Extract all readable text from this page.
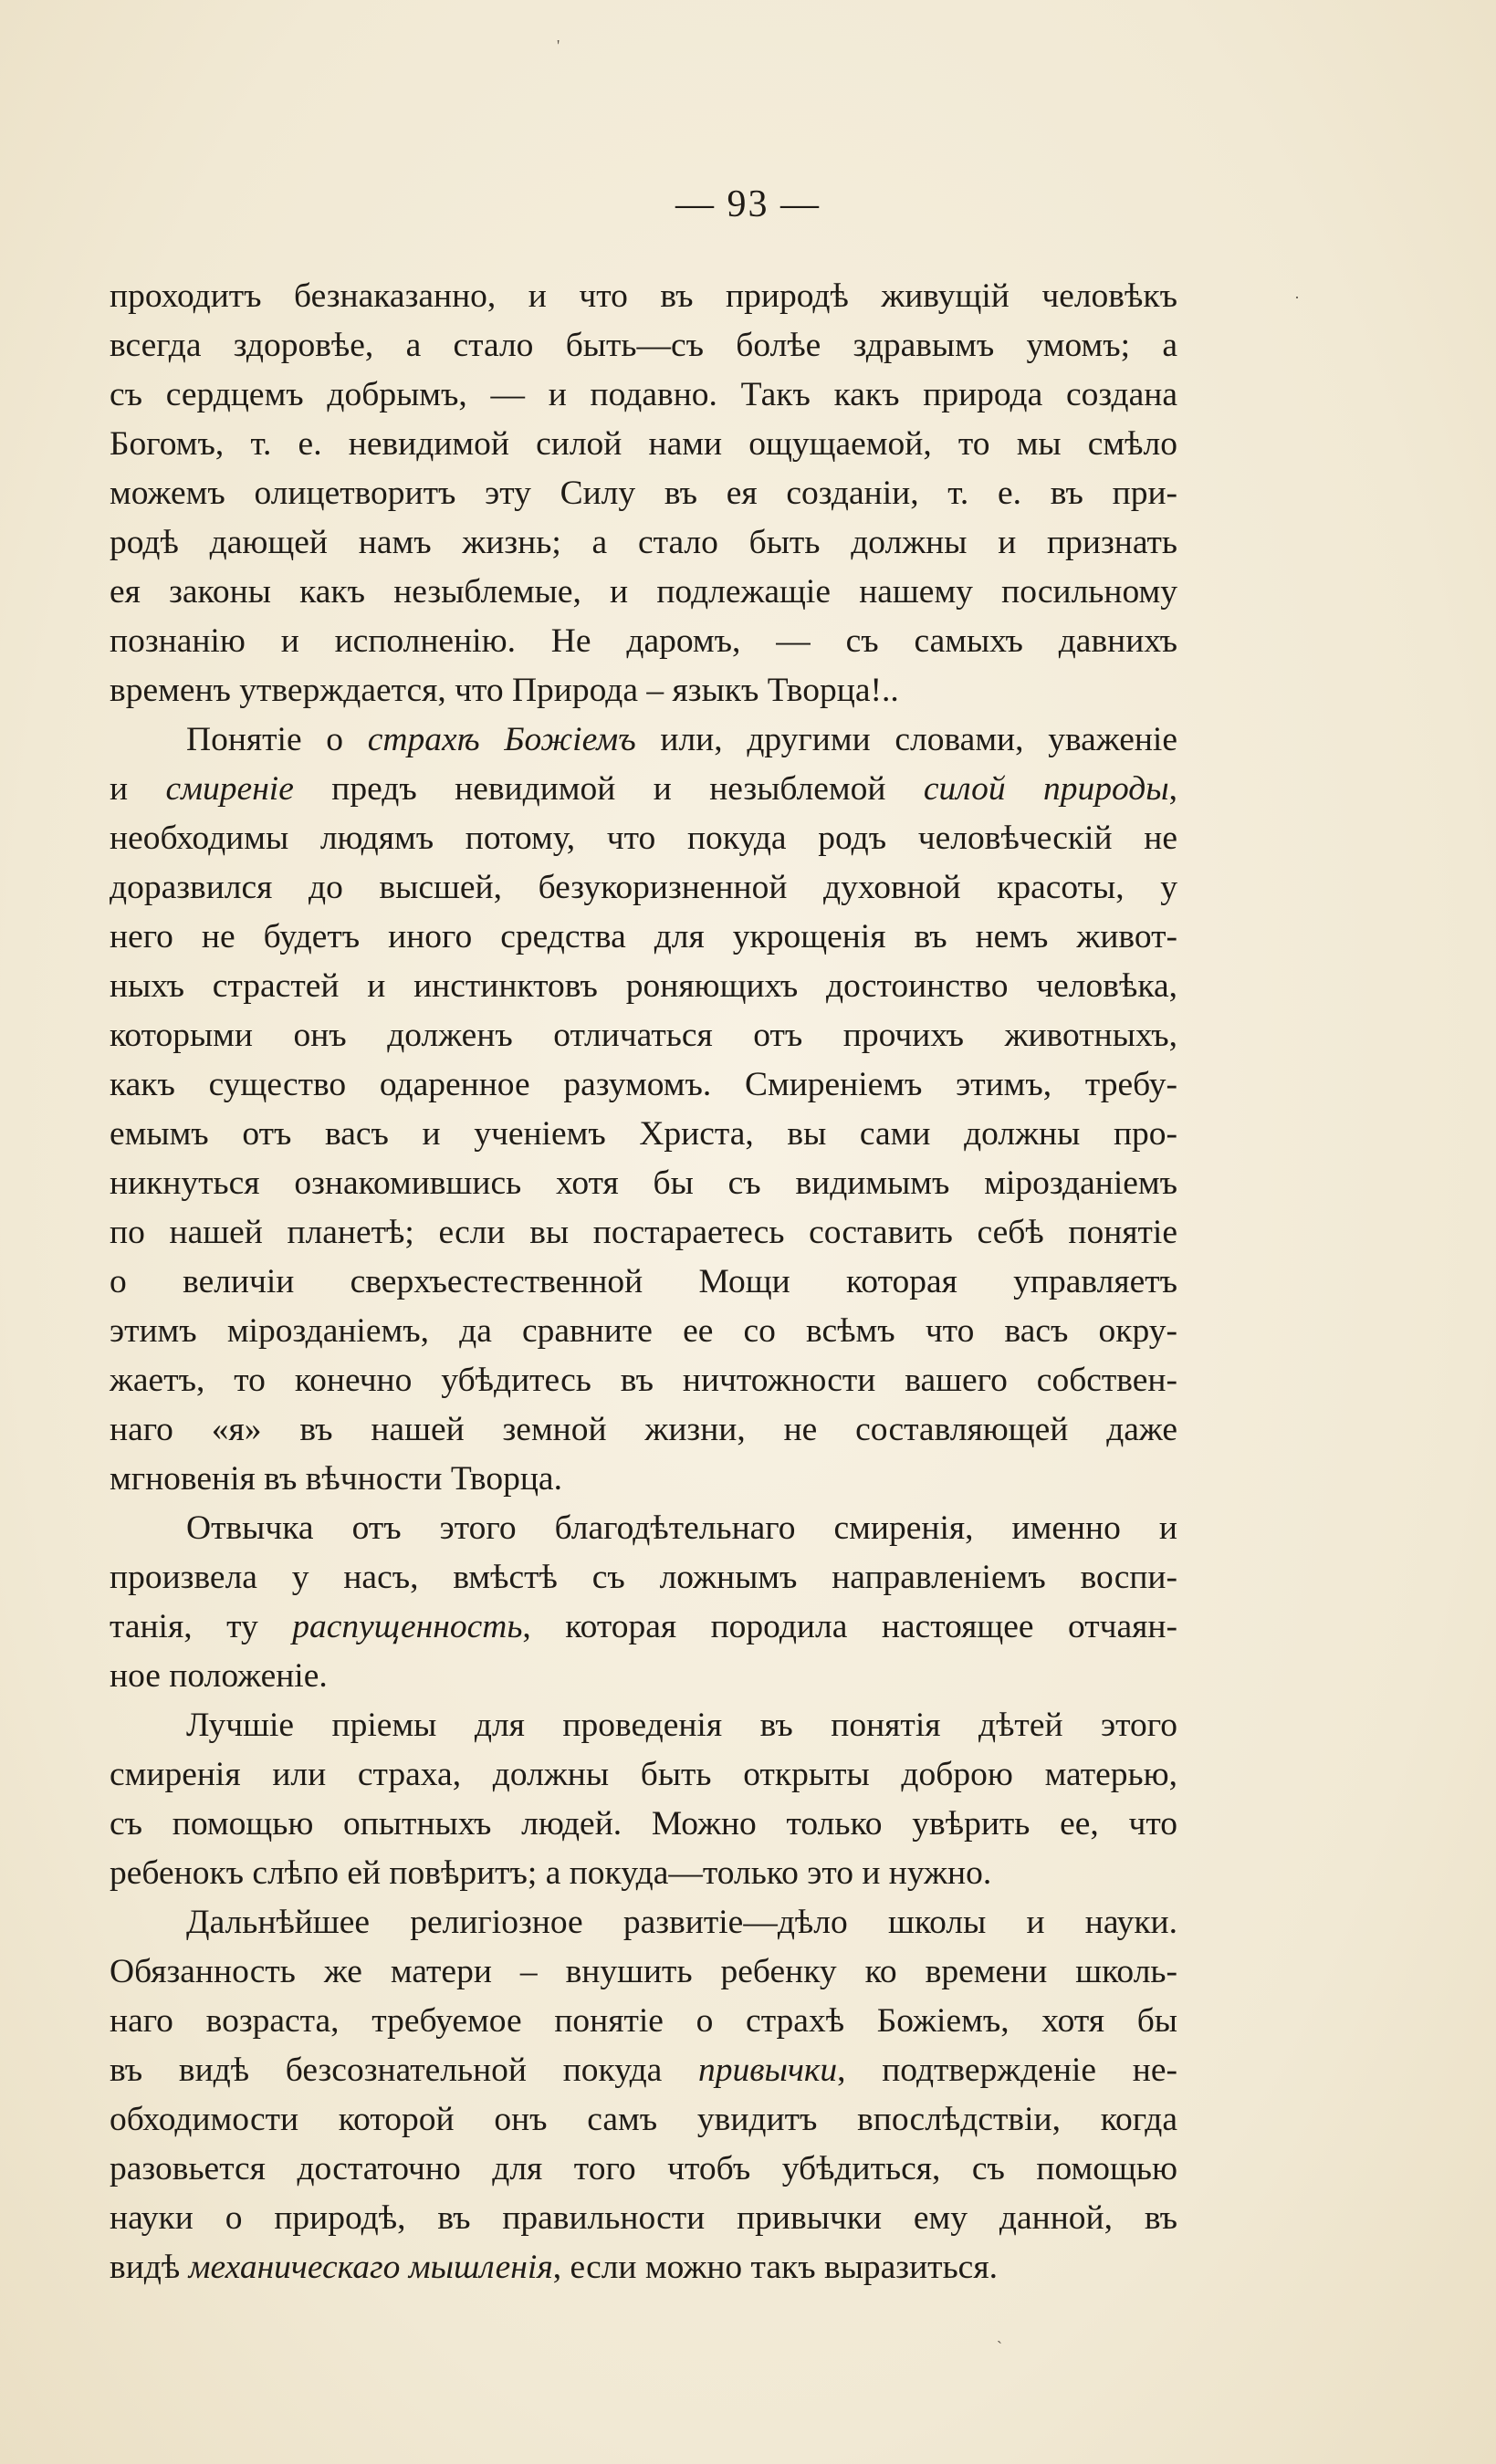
'
·
ˎ
— 93 —

проходитъ безнаказанно, и что въ природѣ живущій человѣкъ
всегда здоровѣе, а стало быть—съ болѣе здравымъ умомъ; а
съ сердцемъ добрымъ, — и подавно. Такъ какъ природа создана
Богомъ, т. е. невидимой силой нами ощущаемой, то мы смѣло
можемъ олицетворитъ эту Силу въ ея созданіи, т. е. въ при-
родѣ дающей намъ жизнь; а стало быть должны и признать
ея законы какъ незыблемые, и подлежащіе нашему посильному
познанію и исполненію. Не даромъ, — съ самыхъ давнихъ
временъ утверждается, что Природа – языкъ Творца!..

Понятіе о страхѣ Божіемъ или, другими словами, уваженіе
и смиреніе предъ невидимой и незыблемой силой природы,
необходимы людямъ потому, что покуда родъ человѣческій не
доразвился до высшей, безукоризненной духовной красоты, у
него не будетъ иного средства для укрощенія въ немъ живот-
ныхъ страстей и инстинктовъ роняющихъ достоинство человѣка,
которыми онъ долженъ отличаться отъ прочихъ животныхъ,
какъ существо одаренное разумомъ. Смиреніемъ этимъ, требу-
емымъ отъ васъ и ученіемъ Христа, вы сами должны про-
никнуться ознакомившись хотя бы съ видимымъ мірозданіемъ
по нашей планетѣ; если вы постараетесь составить себѣ понятіе
о величіи сверхъестественной Мощи которая управляетъ
этимъ мірозданіемъ, да сравните ее со всѣмъ что васъ окру-
жаетъ, то конечно убѣдитесь въ ничтожности вашего собствен-
наго «я» въ нашей земной жизни, не составляющей даже
мгновенія въ вѣчности Творца.

Отвычка отъ этого благодѣтельнаго смиренія, именно и
произвела у насъ, вмѣстѣ съ ложнымъ направленіемъ воспи-
танія, ту распущенность, которая породила настоящее отчаян-
ное положеніе.

Лучшіе пріемы для проведенія въ понятія дѣтей этого
смиренія или страха, должны быть открыты доброю матерью,
съ помощью опытныхъ людей. Можно только увѣрить ее, что
ребенокъ слѣпо ей повѣритъ; а покуда—только это и нужно.

Дальнѣйшее религіозное развитіе—дѣло школы и науки.
Обязанность же матери – внушить ребенку ко времени школь-
наго возраста, требуемое понятіе о страхѣ Божіемъ, хотя бы
въ видѣ безсознательной покуда привычки, подтвержденіе не-
обходимости которой онъ самъ увидитъ впослѣдствіи, когда
разовьется достаточно для того чтобъ убѣдиться, съ помощью
науки о природѣ, въ правильности привычки ему данной, въ
видѣ механическаго мышленія, если можно такъ выразиться.
